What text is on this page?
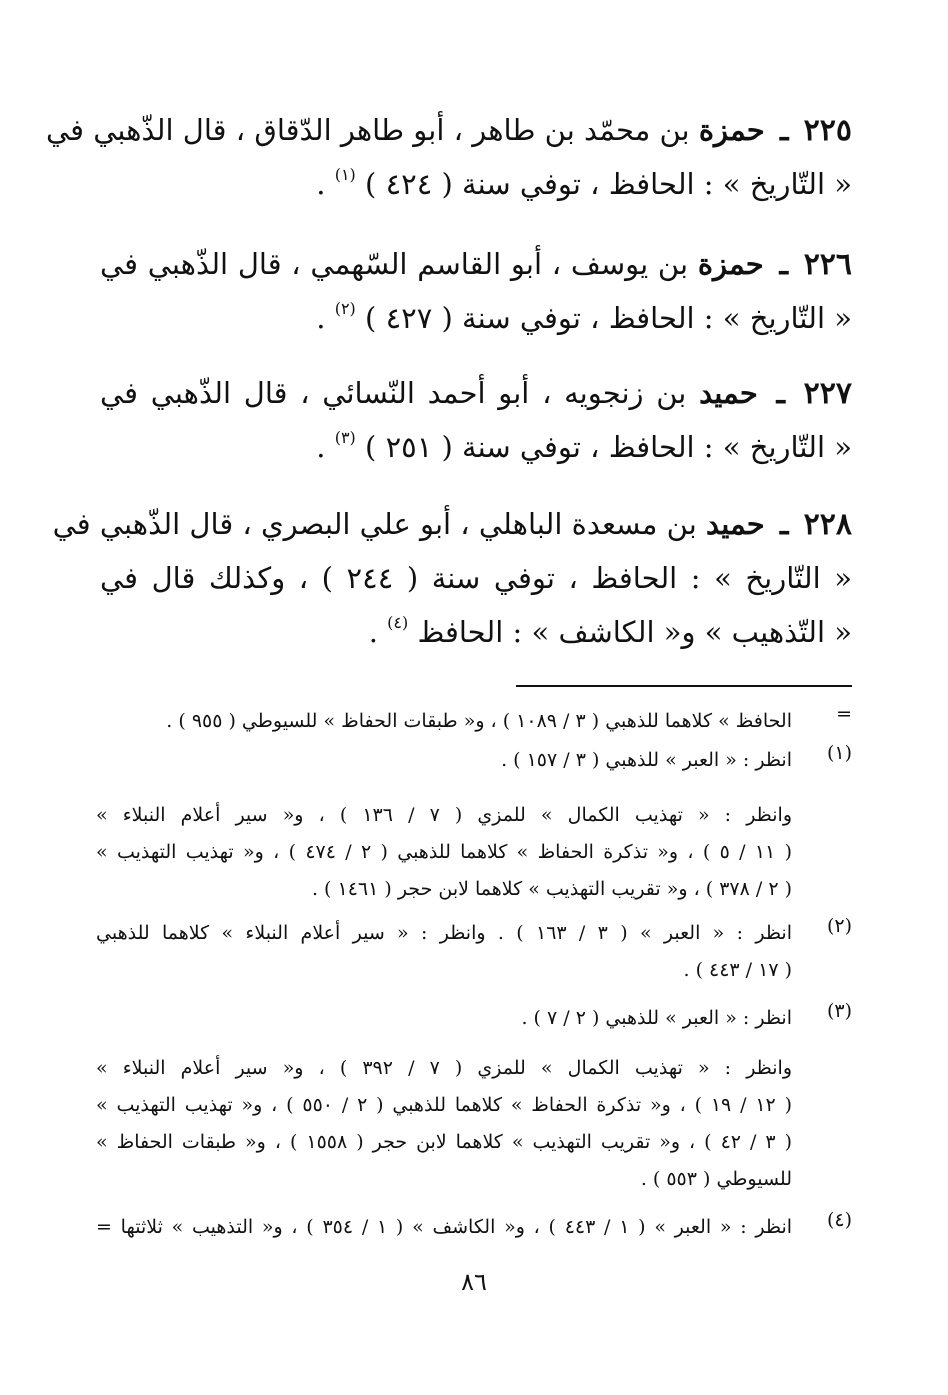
٢٢٥ ـ حمزة بن محمّد بن طاهر ، أبو طاهر الدّقاق ، قال الذّهبي في
« التّاريخ » : الحافظ ، توفي سنة ( ٤٢٤ ) $^{(١)}$ .
٢٢٦ ـ حمزة بن يوسف ، أبو القاسم السّهمي ، قال الذّهبي في
« التّاريخ » : الحافظ ، توفي سنة ( ٤٢٧ ) $^{(٢)}$ .
٢٢٧ ـ حميد بن زنجويه ، أبو أحمد النّسائي ، قال الذّهبي في
« التّاريخ » : الحافظ ، توفي سنة ( ٢٥١ ) $^{(٣)}$ .
٢٢٨ ـ حميد بن مسعدة الباهلي ، أبو علي البصري ، قال الذّهبي في
« التّاريخ » : الحافظ ، توفي سنة ( ٢٤٤ ) ، وكذلك قال في
« التّذهيب » و« الكاشف » : الحافظ $^{(٤)}$ .
=
الحافظ » كلاهما للذهبي ( ٣ / ١٠٨٩ ) ، و« طبقات الحفاظ » للسيوطي ( ٩٥٥ ) .
(١)
انظر : « العبر » للذهبي ( ٣ / ١٥٧ ) .
وانظر : « تهذيب الكمال » للمزي ( ٧ / ١٣٦ ) ، و« سير أعلام النبلاء »
( ١١ / ٥ ) ، و« تذكرة الحفاظ » كلاهما للذهبي ( ٢ / ٤٧٤ ) ، و« تهذيب التهذيب »
( ٢ / ٣٧٨ ) ، و« تقريب التهذيب » كلاهما لابن حجر ( ١٤٦١ ) .
(٢)
انظر : « العبر » ( ٣ / ١٦٣ ) . وانظر : « سير أعلام النبلاء » كلاهما للذهبي
( ١٧ / ٤٤٣ ) .
(٣)
انظر : « العبر » للذهبي ( ٢ / ٧ ) .
وانظر : « تهذيب الكمال » للمزي ( ٧ / ٣٩٢ ) ، و« سير أعلام النبلاء »
( ١٢ / ١٩ ) ، و« تذكرة الحفاظ » كلاهما للذهبي ( ٢ / ٥٥٠ ) ، و« تهذيب التهذيب »
( ٣ / ٤٢ ) ، و« تقريب التهذيب » كلاهما لابن حجر ( ١٥٥٨ ) ، و« طبقات الحفاظ »
للسيوطي ( ٥٥٣ ) .
(٤)
انظر : « العبر » ( ١ / ٤٤٣ ) ، و« الكاشف » ( ١ / ٣٥٤ ) ، و« التذهيب » ثلاثتها =
٨٦
